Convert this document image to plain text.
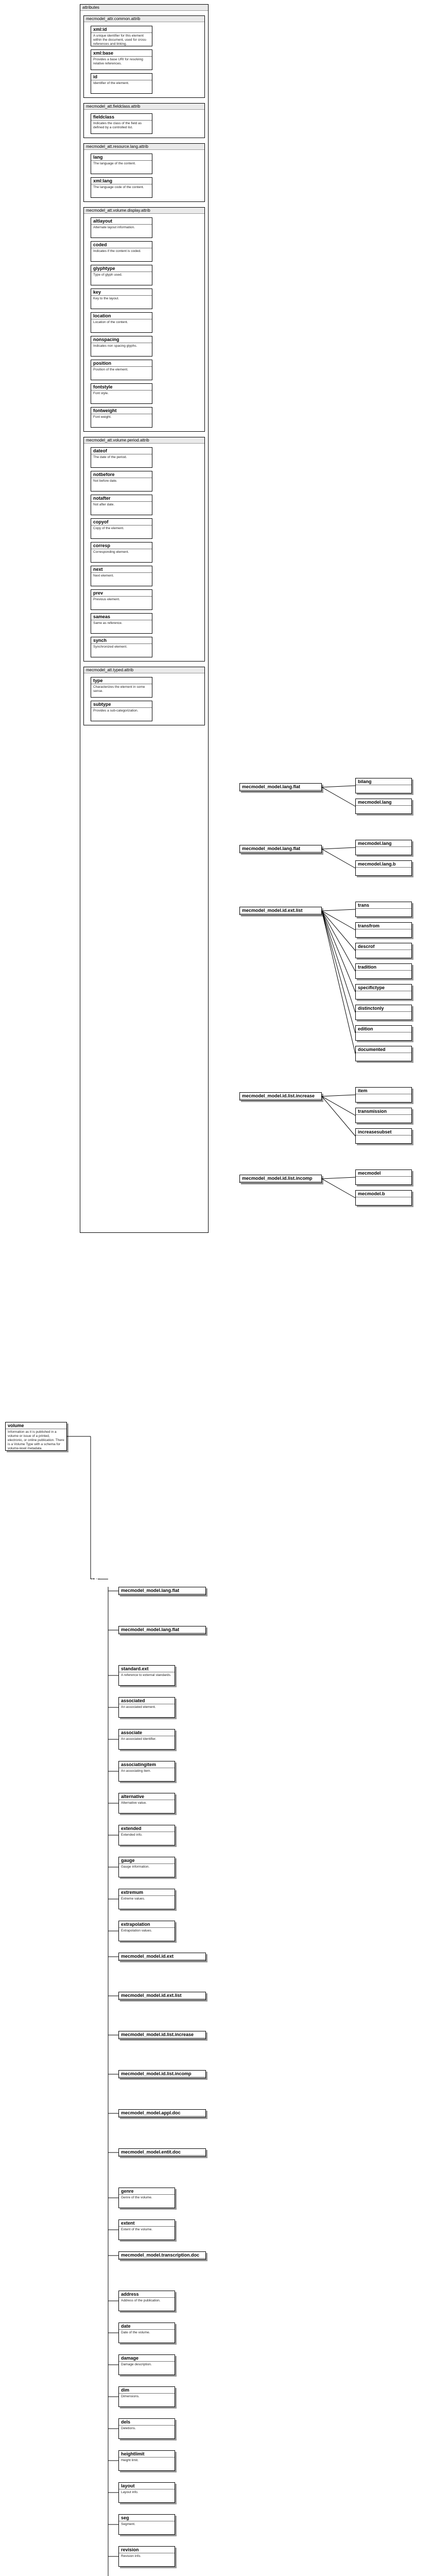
volume
Information as it is published in a volume or issue of a printed, electronic, or online publication. There is a Volume Type with a schema for volume-level metadata.
attributes
mecmodel_attr.common.attrib
xml:id
A unique identifier for this element within the document, used for cross-references and linking.
xml:base
Provides a base URI for resolving relative references.
id
Identifier of the element.
mecmodel_att.fieldclass.attrib
fieldclass
Indicates the class of the field as defined by a controlled list.
mecmodel_att.resource.lang.attrib
lang
The language of the content.
xml:lang
The language code of the content.
mecmodel_att.volume.display.attrib
altlayout
Alternate layout information.
coded
Indicates if the content is coded.
glyphtype
Type of glyph used.
key
Key to the layout.
location
Location of the content.
nonspacing
Indicates non spacing glyphs.
position
Position of the element.
fontstyle
Font style.
fontweight
Font weight.
mecmodel_att.volume.period.attrib
dateof
The date of the period.
notbefore
Not before date.
notafter
Not after date.
copyof
Copy of the element.
corresp
Corresponding element.
next
Next element.
prev
Previous element.
sameas
Same as reference.
synch
Synchronized element.
mecmodel_att.typed.attrib
type
Characterizes the element in some sense.
subtype
Provides a sub-categorization.
⊶ ⋯
mecmodel_model.lang.flat
mecmodel_model.lang.flat
standard.ext
A reference to external standards.
associated
An associated element.
associate
An associated identifier.
associatingitem
An associating item.
alternative
Alternative value.
extended
Extended info.
gauge
Gauge information.
extremum
Extreme values.
extrapolation
Extrapolation values.
mecmodel_model.id.ext
mecmodel_model.id.ext.list
mecmodel_model.id.list.increase
mecmodel_model.id.list.incomp
mecmodel_model.appl.doc
mecmodel_model.entit.doc
genre
Genre of the volume.
extent
Extent of the volume.
mecmodel_model.transcription.doc
address
Address of the publication.
date
Date of the volume.
damage
Damage description.
dim
Dimensions.
dels
Deletions.
heightlimit
Height limit.
layout
Layout info.
seg
Segment.
revision
Revision info.
mecmodel_model.lang.flat
bilang
mecmodel.lang
mecmodel_model.lang.flat
mecmodel.lang
mecmodel.lang.b
mecmodel_model.id.ext.list
trans
transfrom
descrof
tradition
specifictype
distinctonly
edition
documented
mecmodel_model.id.list.increase
item
transmission
increasesubset
mecmodel_model.id.list.incomp
mecmodel
mecmodel.b
